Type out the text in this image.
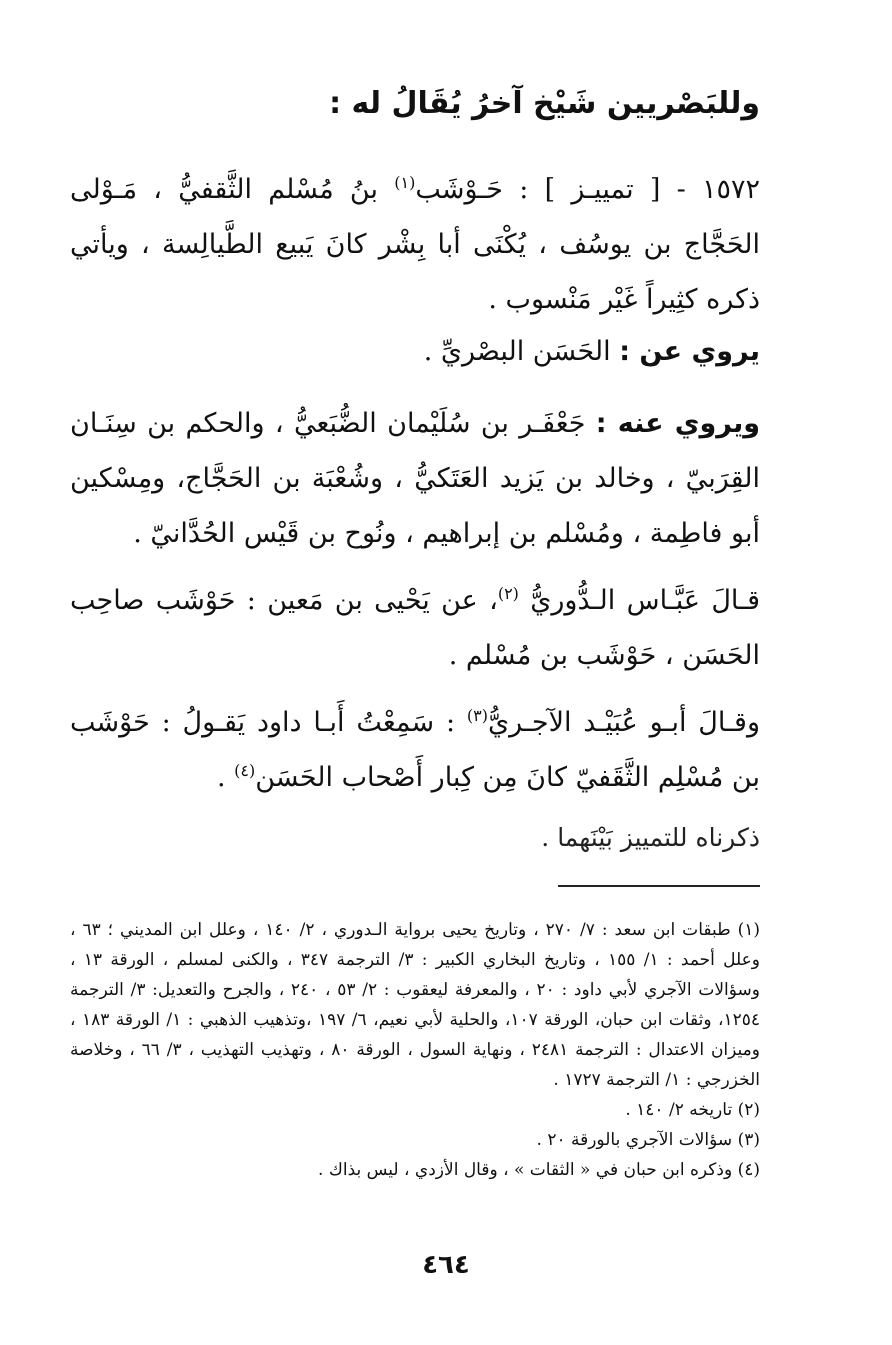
وللبَصْريين شَيْخ آخرُ يُقَالُ له :
١٥٧٢ - [ تمييـز ] : حَـوْشَب$^{(١)}$ بنُ مُسْلم الثَّقفيُّ ، مَـوْلى الحَجَّاج بن يوسُف ، يُكْنَى أبا بِشْر كانَ يَبيع الطَّيالِسة ، ويأتي ذكره كثِيراً غَيْر مَنْسوب .
يروي عن : الحَسَن البصْريِّ .
ويروي عنه : جَعْفَـر بن سُلَيْمان الضُّبَعيُّ ، والحكم بن سِنَـان القِرَبيّ ، وخالد بن يَزيد العَتَكيُّ ، وشُعْبَة بن الحَجَّاج، ومِسْكين أبو فاطِمة ، ومُسْلم بن إبراهيم ، ونُوح بن قَيْس الحُدَّانيّ .
قـالَ عَبَّـاس الـدُّوريُّ $^{(٢)}$، عن يَحْيى بن مَعين : حَوْشَب صاحِب الحَسَن ، حَوْشَب بن مُسْلم .
وقـالَ أبـو عُبَيْـد الآجـريُّ$^{(٣)}$ : سَمِعْتُ أَبـا داود يَقـولُ : حَوْشَب بن مُسْلِم الثَّقَفيّ كانَ مِن كِبار أَصْحاب الحَسَن$^{(٤)}$ .
ذكرناه للتمييز بَيْنَهما .
(١) طبقات ابن سعد : ٧/ ٢٧٠ ، وتاريخ يحيى برواية الـدوري ، ٢/ ١٤٠ ، وعلل ابن المديني ؛ ٦٣ ، وعلل أحمد : ١/ ١٥٥ ، وتاريخ البخاري الكبير : ٣/ الترجمة ٣٤٧ ، والكنى لمسلم ، الورقة ١٣ ، وسؤالات الآجري لأبي داود : ٢٠ ، والمعرفة ليعقوب : ٢/ ٥٣ ، ٢٤٠ ، والجرح والتعديل: ٣/ الترجمة ١٢٥٤، وثقات ابن حبان، الورقة ١٠٧، والحلية لأبي نعيم، ٦/ ١٩٧ ،وتذهيب الذهبي : ١/ الورقة ١٨٣ ، وميزان الاعتدال : الترجمة ٢٤٨١ ، ونهاية السول ، الورقة ٨٠ ، وتهذيب التهذيب ، ٣/ ٦٦ ، وخلاصة الخزرجي : ١/ الترجمة ١٧٢٧ .
(٢) تاريخه ٢/ ١٤٠ .
(٣) سؤالات الآجري بالورقة ٢٠ .
(٤) وذكره ابن حبان في « الثقات » ، وقال الأزدي ، ليس بذاك .
٤٦٤
